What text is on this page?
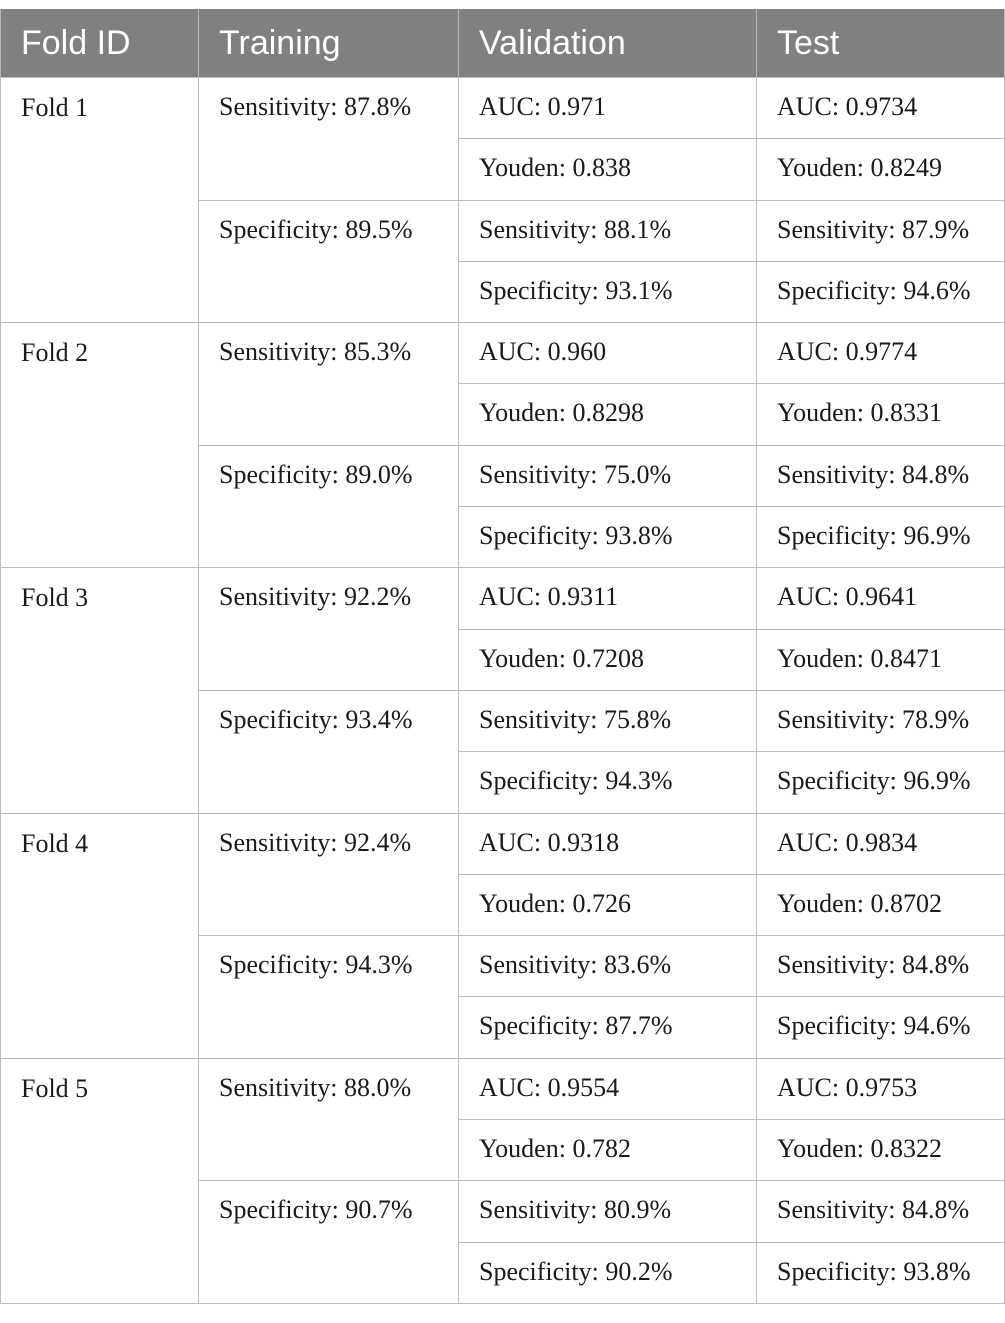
Fold ID	Training	Validation	Test
Fold 1	Sensitivity: 87.8%	AUC: 0.971	AUC: 0.9734
		Youden: 0.838	Youden: 0.8249
	Specificity: 89.5%	Sensitivity: 88.1%	Sensitivity: 87.9%
		Specificity: 93.1%	Specificity: 94.6%
Fold 2	Sensitivity: 85.3%	AUC: 0.960	AUC: 0.9774
		Youden: 0.8298	Youden: 0.8331
	Specificity: 89.0%	Sensitivity: 75.0%	Sensitivity: 84.8%
		Specificity: 93.8%	Specificity: 96.9%
Fold 3	Sensitivity: 92.2%	AUC: 0.9311	AUC: 0.9641
		Youden: 0.7208	Youden: 0.8471
	Specificity: 93.4%	Sensitivity: 75.8%	Sensitivity: 78.9%
		Specificity: 94.3%	Specificity: 96.9%
Fold 4	Sensitivity: 92.4%	AUC: 0.9318	AUC: 0.9834
		Youden: 0.726	Youden: 0.8702
	Specificity: 94.3%	Sensitivity: 83.6%	Sensitivity: 84.8%
		Specificity: 87.7%	Specificity: 94.6%
Fold 5	Sensitivity: 88.0%	AUC: 0.9554	AUC: 0.9753
		Youden: 0.782	Youden: 0.8322
	Specificity: 90.7%	Sensitivity: 80.9%	Sensitivity: 84.8%
		Specificity: 90.2%	Specificity: 93.8%
